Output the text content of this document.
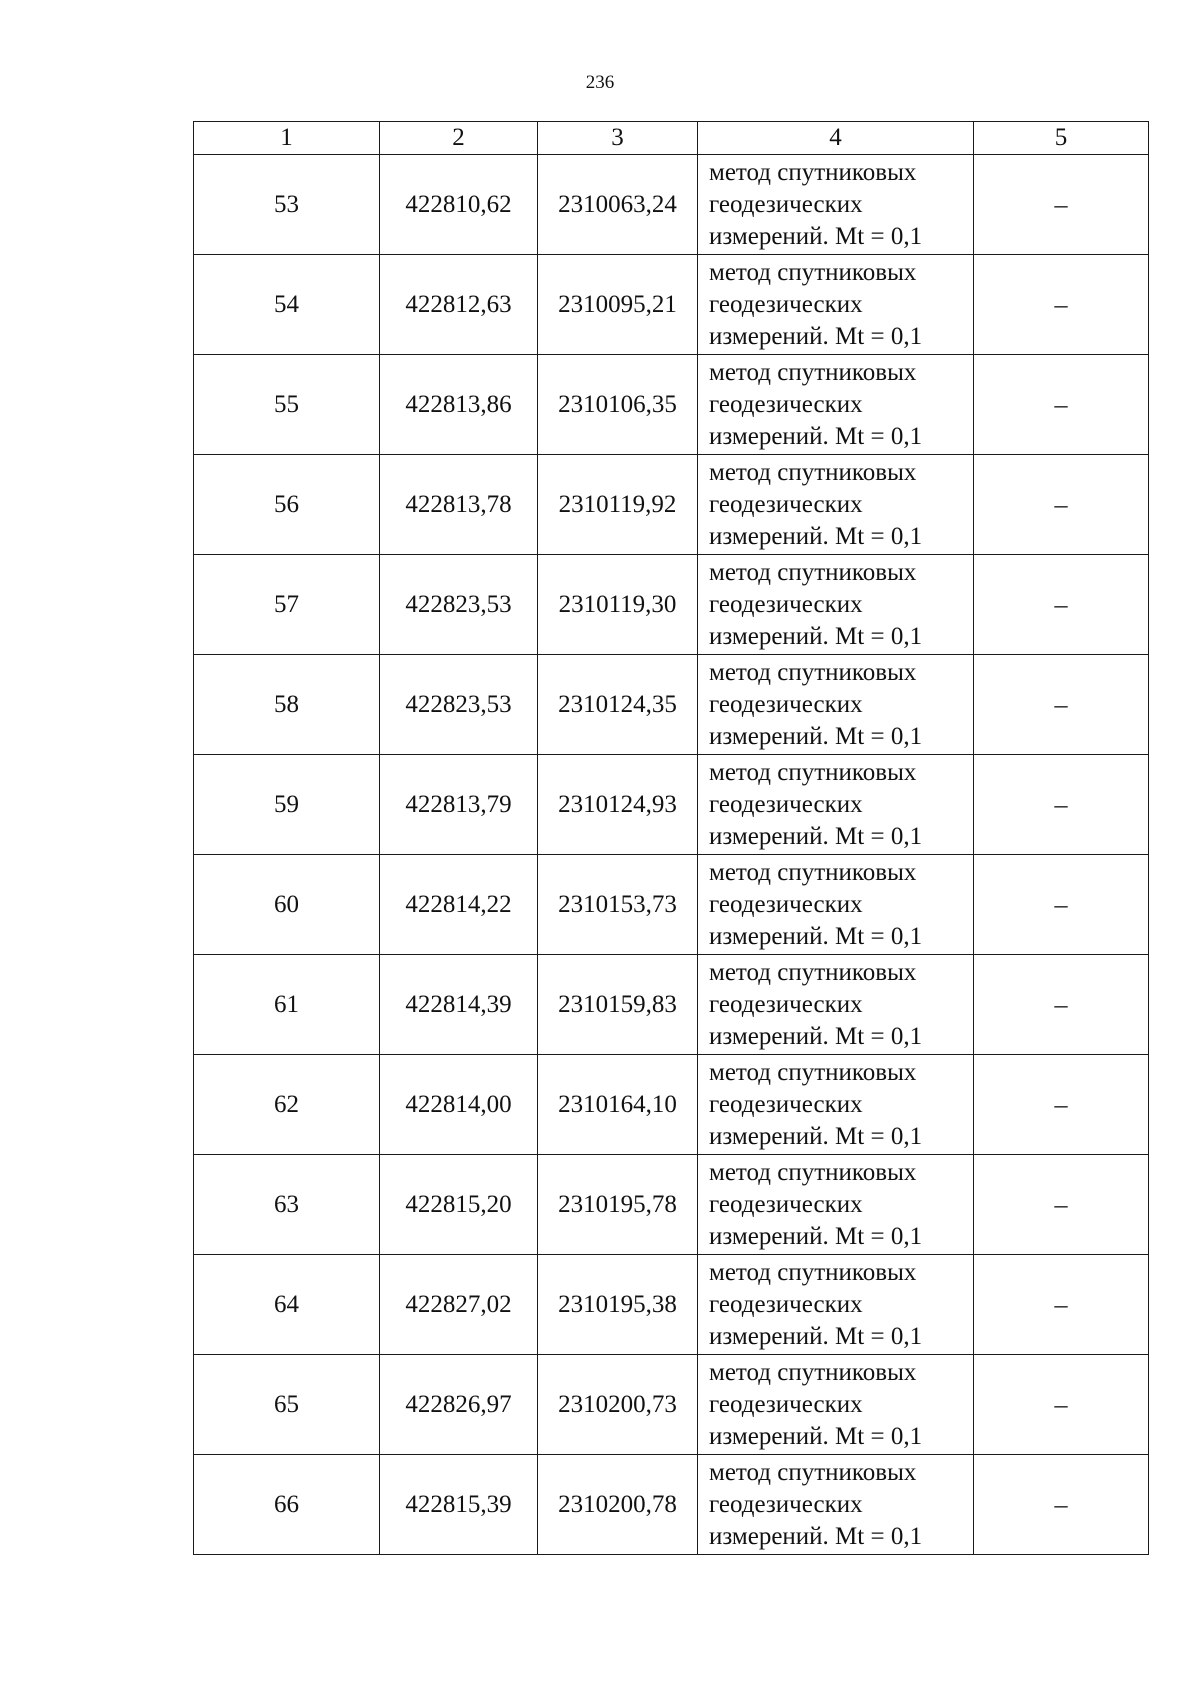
236
1	2	3	4	5
53	422810,62	2310063,24	метод спутниковых
геодезических
измерений. Mt = 0,1	–
54	422812,63	2310095,21	метод спутниковых
геодезических
измерений. Mt = 0,1	–
55	422813,86	2310106,35	метод спутниковых
геодезических
измерений. Mt = 0,1	–
56	422813,78	2310119,92	метод спутниковых
геодезических
измерений. Mt = 0,1	–
57	422823,53	2310119,30	метод спутниковых
геодезических
измерений. Mt = 0,1	–
58	422823,53	2310124,35	метод спутниковых
геодезических
измерений. Mt = 0,1	–
59	422813,79	2310124,93	метод спутниковых
геодезических
измерений. Mt = 0,1	–
60	422814,22	2310153,73	метод спутниковых
геодезических
измерений. Mt = 0,1	–
61	422814,39	2310159,83	метод спутниковых
геодезических
измерений. Mt = 0,1	–
62	422814,00	2310164,10	метод спутниковых
геодезических
измерений. Mt = 0,1	–
63	422815,20	2310195,78	метод спутниковых
геодезических
измерений. Mt = 0,1	–
64	422827,02	2310195,38	метод спутниковых
геодезических
измерений. Mt = 0,1	–
65	422826,97	2310200,73	метод спутниковых
геодезических
измерений. Mt = 0,1	–
66	422815,39	2310200,78	метод спутниковых
геодезических
измерений. Mt = 0,1	–
